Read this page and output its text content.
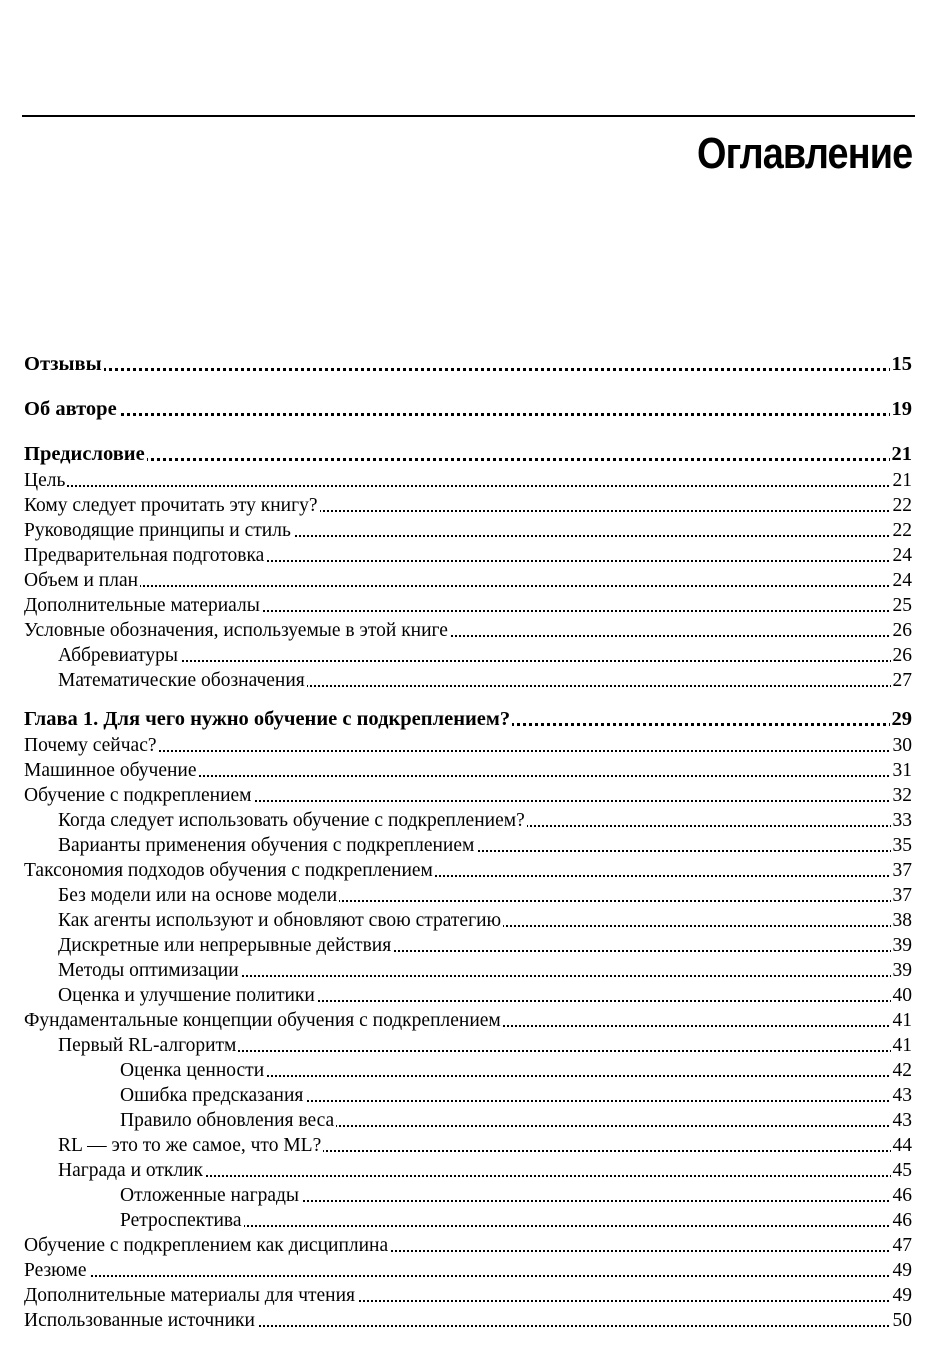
Оглавление
Отзывы	15
Об авторе	19
Предисловие	21
Цель	21
Кому следует прочитать эту книгу?	22
Руководящие принципы и стиль	22
Предварительная подготовка	24
Объем и план	24
Дополнительные материалы	25
Условные обозначения, используемые в этой книге	26
Аббревиатуры	26
Математические обозначения	27
Глава 1. Для чего нужно обучение с подкреплением?	29
Почему сейчас?	30
Машинное обучение	31
Обучение с подкреплением	32
Когда следует использовать обучение с подкреплением?	33
Варианты применения обучения с подкреплением	35
Таксономия подходов обучения с подкреплением	37
Без модели или на основе модели	37
Как агенты используют и обновляют свою стратегию	38
Дискретные или непрерывные действия	39
Методы оптимизации	39
Оценка и улучшение политики	40
Фундаментальные концепции обучения с подкреплением	41
Первый RL-алгоритм	41
Оценка ценности	42
Ошибка предсказания	43
Правило обновления веса	43
RL — это то же самое, что ML?	44
Награда и отклик	45
Отложенные награды	46
Ретроспектива	46
Обучение с подкреплением как дисциплина	47
Резюме	49
Дополнительные материалы для чтения	49
Использованные источники	50
